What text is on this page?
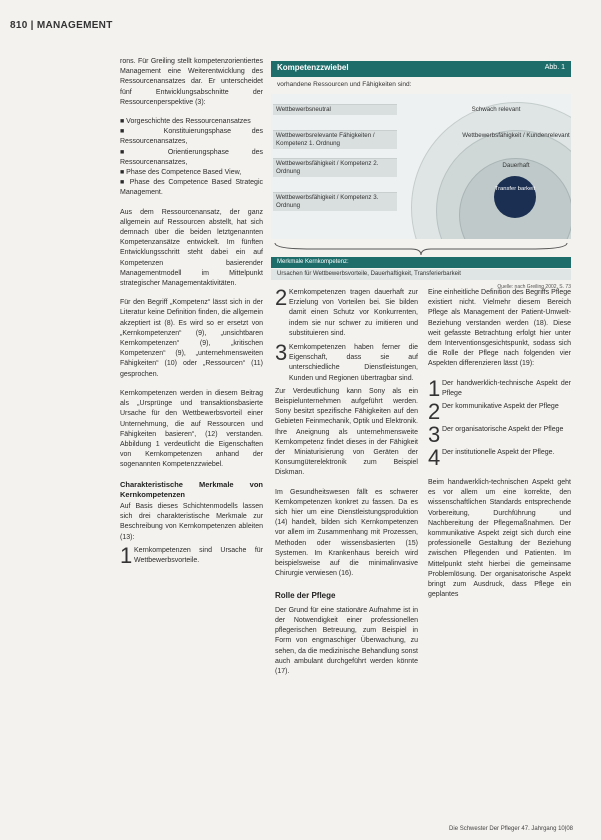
810 | MANAGEMENT

rons. Für Greiling stellt kompetenzorientiertes Management eine Weiterentwicklung des Ressourcenansatzes dar. Er unterscheidet fünf Entwicklungsabschnitte der Ressourcenperspektive (3):

■ Vorgeschichte des Ressourcenansatzes
■ Konstituierungsphase des Ressourcenansatzes,
■ Orientierungsphase des Ressourcenansatzes,
■ Phase des Competence Based View,
■ Phase des Competence Based Strategic Management.

Aus dem Ressourcenansatz, der ganz allgemein auf Ressourcen abstellt, hat sich demnach über die beiden letztgenannten Kompetenzansätze entwickelt. Im fünften Entwicklungsschritt steht dabei ein auf Kompetenzen basierender Managementmodell im Mittelpunkt strategischer Managementaktivitäten.

Für den Begriff „Kompetenz“ lässt sich in der Literatur keine Definition finden, die allgemein akzeptiert ist (8). Es wird so er ersetzt von „Kernkompetenzen“ (9), „unsichtbaren Kernkompetenzen“ (9), „kritischen Kompetenzen“ (9), „unternehmensweiten Fähigkeiten“ (10) oder „Ressourcen“ (11) gesprochen.

Kernkompetenzen werden in diesem Beitrag als „Ursprünge und transaktionsbasierte Ursache für den Wettbewerbsvorteil einer Unternehmung, die auf Ressourcen und Fähigkeiten basieren“, (12) verstanden. Abbildung 1 verdeutlicht die Eigenschaften von Kernkompetenzen anhand der sogenannten Kompetenzzwiebel.

Charakteristische Merkmale von Kernkompetenzen

Auf Basis dieses Schichtenmodells lassen sich drei charakteristische Merkmale zur Beschreibung von Kernkompetenzen ableiten (13):

1 Kernkompetenzen sind Ursache für Wettbewerbsvorteile.
Kompetenzzwiebel	Abb. 1
vorhandene Ressourcen und Fähigkeiten sind:
Transfer barkeit
Wettbewerbsneutral
Wettbewerbsrelevante Fähigkeiten / Kompetenz 1. Ordnung
Wettbewerbsfähigkeit / Kompetenz 2. Ordnung
Wettbewerbsfähigkeit / Kompetenz 3. Ordnung
Schwach relevant
Wettbewerbsfähigkeit / Kundenrelevant
Dauerhaft
Merkmale Kernkompetenz:
Ursachen für Wettbewerbsvorteile, Dauerhaftigkeit, Transferierbarkeit
Quelle: nach Greiling 2002, S. 73
2 Kernkompetenzen tragen dauerhaft zur Erzielung von Vorteilen bei. Sie bilden damit einen Schutz vor Konkurrenten, indem sie nur schwer zu imitieren und substituieren sind.
3 Kernkompetenzen haben ferner die Eigenschaft, dass sie auf unterschiedliche Dienstleistungen, Kunden und Regionen übertragbar sind.

Zur Verdeutlichung kann Sony als ein Beispielunternehmen aufgeführt werden. Sony besitzt spezifische Fähigkeiten auf den Gebieten Feinmechanik, Optik und Elektronik. Ihre Aneignung als unternehmensweite Kernkompetenz findet dieses in der Fähigkeit der Miniaturisierung von Geräten der Konsumgüterelektronik zum Beispiel Diskman.

Im Gesundheitswesen fällt es schwerer Kernkompetenzen konkret zu fassen. Da es sich hier um eine Dienstleistungsproduktion (14) handelt, bilden sich Kernkompetenzen vor allem im Zusammenhang mit Prozessen, Methoden oder wissensbasierten (15) Systemen. Im Krankenhaus bereich wird beispielsweise auf die minimalinvasive Chirurgie verwiesen (16).

Rolle der Pflege

Der Grund für eine stationäre Aufnahme ist in der Notwendigkeit einer professionellen pflegerischen Betreuung, zum Beispiel in Form von engmaschiger Überwachung, zu sehen, da die medizinische Behandlung sonst auch ambulant durchgeführt werden könnte (17).

Eine einheitliche Definition des Begriffs Pflege existiert nicht. Vielmehr diesem Bereich Pflege als Management der Patient-Umwelt-Beziehung verstanden werden (18). Diese weit gefasste Betrachtung erfolgt hier unter dem Interventionsgesichtspunkt, sodass sich die Rolle der Pflege nach folgenden vier Aspekten differenzieren lässt (19):

1 Der handwerklich-technische Aspekt der Pflege
2 Der kommunikative Aspekt der Pflege
3 Der organisatorische Aspekt der Pflege
4 Der institutionelle Aspekt der Pflege.

Beim handwerklich-technischen Aspekt geht es vor allem um eine korrekte, den wissenschaftlichen Standards entsprechende Vorbereitung, Durchführung und Nachbereitung der Pflegemaßnahmen. Der kommunikative Aspekt zeigt sich durch eine professionelle Gestaltung der Beziehung zwischen Pflegenden und Patienten. Im Mittelpunkt steht hierbei die gemeinsame Problemlösung. Der organisatorische Aspekt bringt zum Ausdruck, dass Pflege ein geplantes

Die Schwester Der Pfleger 47. Jahrgang 10|08
